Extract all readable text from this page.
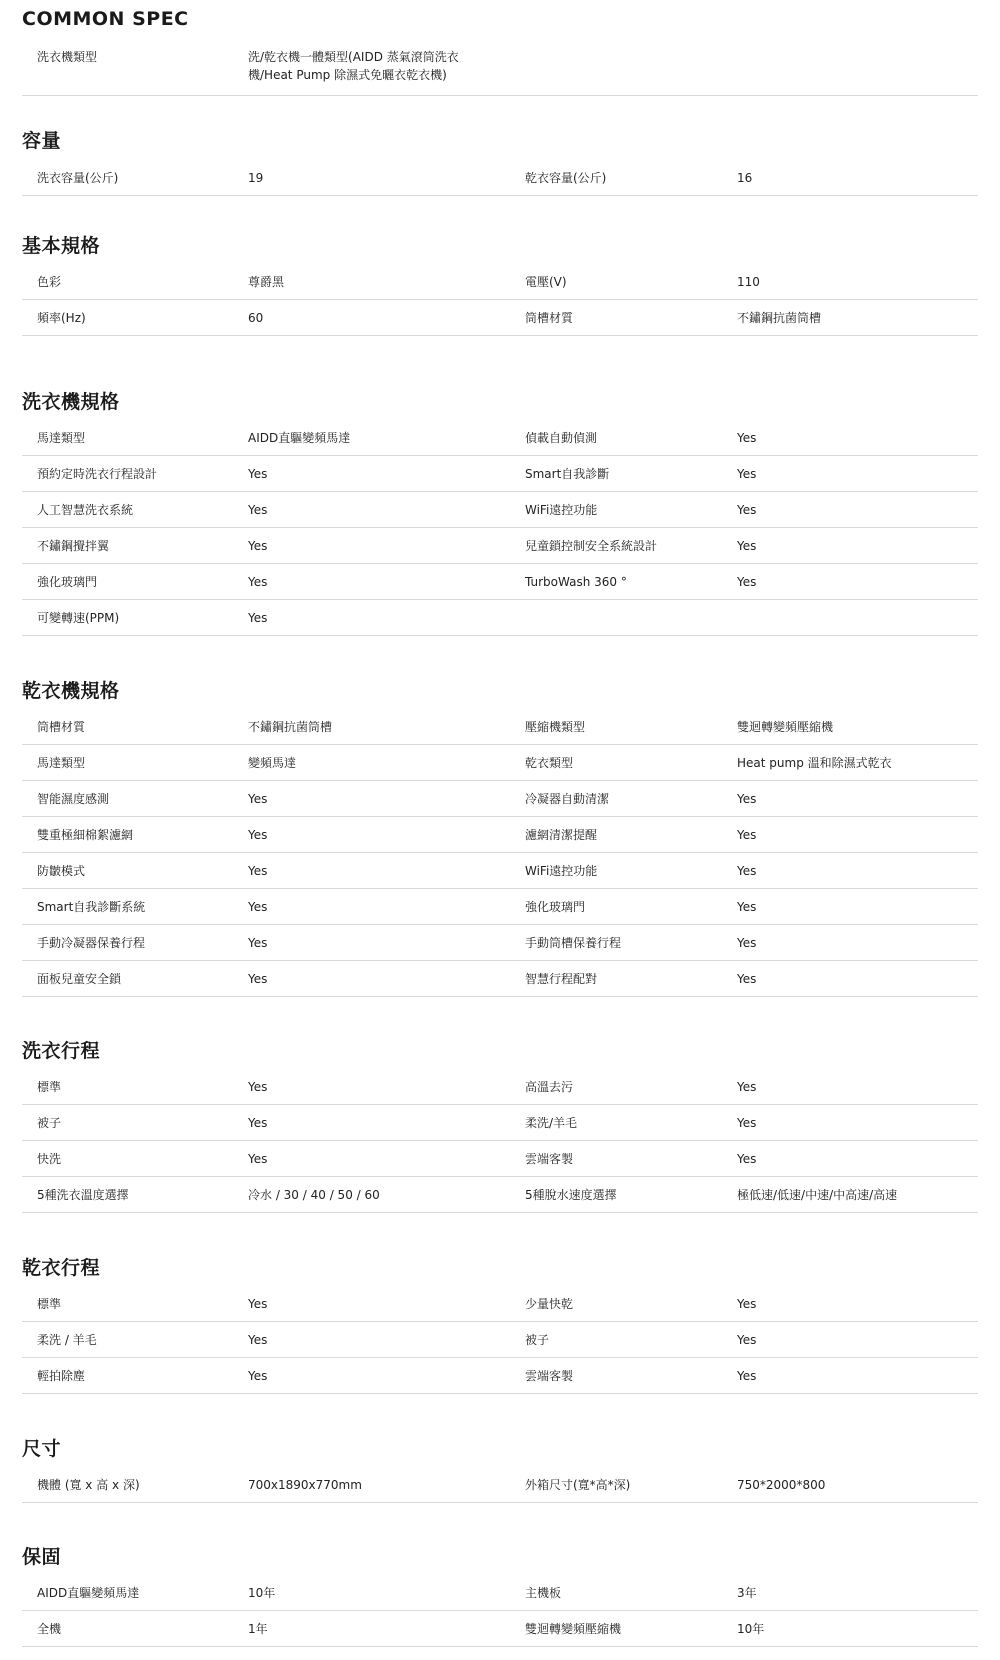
COMMON SPEC
洗衣機類型	洗/乾衣機一體類型(AIDD 蒸氣滾筒洗衣機/Heat Pump 除濕式免曬衣乾衣機)
容量
洗衣容量(公斤)	19	乾衣容量(公斤)	16
基本規格
色彩	尊爵黑	電壓(V)	110
頻率(Hz)	60	筒槽材質	不鏽鋼抗菌筒槽
洗衣機規格
馬達類型	AIDD直驅變頻馬達	偵載自動偵測	Yes
預約定時洗衣行程設計	Yes	Smart自我診斷	Yes
人工智慧洗衣系統	Yes	WiFi遠控功能	Yes
不鏽鋼攪拌翼	Yes	兒童鎖控制安全系統設計	Yes
強化玻璃門	Yes	TurboWash 360 °	Yes
可變轉速(PPM)	Yes
乾衣機規格
筒槽材質	不鏽鋼抗菌筒槽	壓縮機類型	雙迴轉變頻壓縮機
馬達類型	變頻馬達	乾衣類型	Heat pump 溫和除濕式乾衣
智能濕度感測	Yes	冷凝器自動清潔	Yes
雙重極細棉絮濾網	Yes	濾網清潔提醒	Yes
防皺模式	Yes	WiFi遠控功能	Yes
Smart自我診斷系統	Yes	強化玻璃門	Yes
手動冷凝器保養行程	Yes	手動筒槽保養行程	Yes
面板兒童安全鎖	Yes	智慧行程配對	Yes
洗衣行程
標準	Yes	高溫去污	Yes
被子	Yes	柔洗/羊毛	Yes
快洗	Yes	雲端客製	Yes
5種洗衣溫度選擇	冷水 / 30 / 40 / 50 / 60	5種脫水速度選擇	極低速/低速/中速/中高速/高速
乾衣行程
標準	Yes	少量快乾	Yes
柔洗 / 羊毛	Yes	被子	Yes
輕拍除塵	Yes	雲端客製	Yes
尺寸
機體 (寬 x 高 x 深)	700x1890x770mm	外箱尺寸(寬*高*深)	750*2000*800
保固
AIDD直驅變頻馬達	10年	主機板	3年
全機	1年	雙迴轉變頻壓縮機	10年
